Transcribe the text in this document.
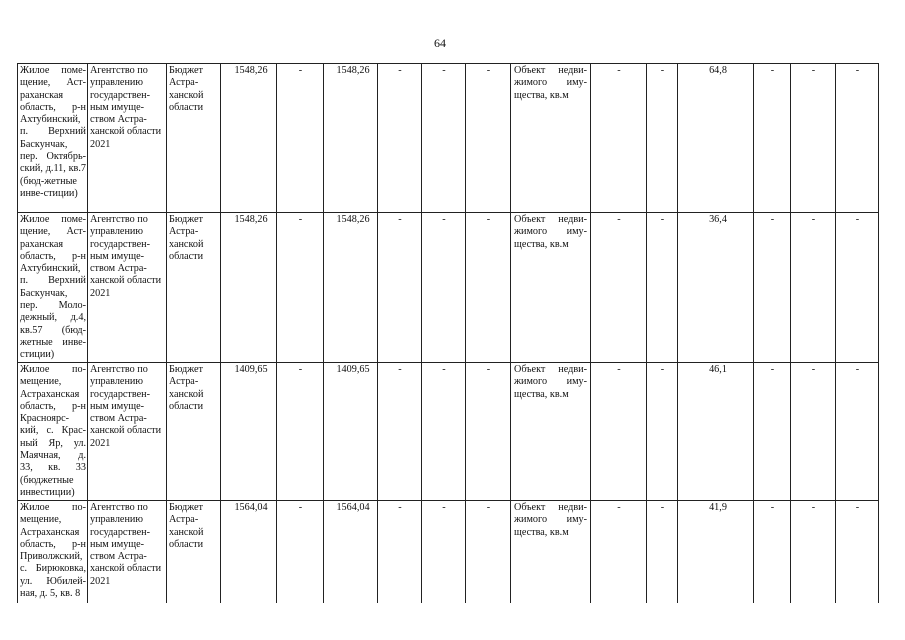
64
Жилое поме-щение, Аст-раханская область, р-н Ахтубинский, п. Верхний Баскунчак, пер. Октябрь-ский, д.11, кв.7 (бюд-жетные инве-стиции)	Агентство по управлению государствен-ным имуще-ством Астра-ханской области 2021	Бюджет Астра-ханской области	1548,26	-	1548,26	-	-	-	Объект недви-жимого иму-щества, кв.м	-	-	64,8	-	-	-
Жилое поме-щение, Аст-раханская область, р-н Ахтубинский, п. Верхний Баскунчак, пер. Моло-дежный, д.4, кв.57 (бюд-жетные инве-стиции)	Агентство по управлению государствен-ным имуще-ством Астра-ханской области 2021	Бюджет Астра-ханской области	1548,26	-	1548,26	-	-	-	Объект недви-жимого иму-щества, кв.м	-	-	36,4	-	-	-
Жилое по-мещение, Астраханская область, р-н Красноярс-кий, с. Крас-ный Яр, ул. Маячная, д. 33, кв. 33 (бюджетные инвестиции)	Агентство по управлению государствен-ным имуще-ством Астра-ханской области 2021	Бюджет Астра-ханской области	1409,65	-	1409,65	-	-	-	Объект недви-жимого иму-щества, кв.м	-	-	46,1	-	-	-
Жилое по-мещение, Астраханская область, р-н Приволжский, с. Бирюковка, ул. Юбилей-ная, д. 5, кв. 8	Агентство по управлению государствен-ным имуще-ством Астра-ханской области 2021	Бюджет Астра-ханской области	1564,04	-	1564,04	-	-	-	Объект недви-жимого иму-щества, кв.м	-	-	41,9	-	-	-
